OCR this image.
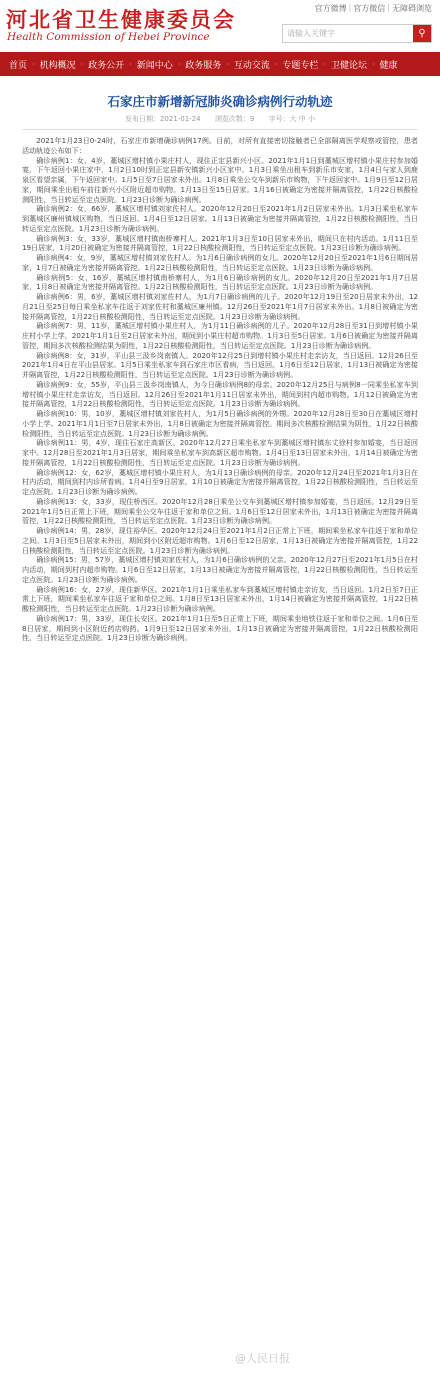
河北省卫生健康委员会
Health Commission of Hebei Province
官方微博 | 官方微信 | 无障碍浏览
请输入关键字	⚲
首页 · 机构概况 · 政务公开 · 新闻中心 · 政务服务 · 互动交流 · 专题专栏 · 卫健论坛 · 健康
石家庄市新增新冠肺炎确诊病例行动轨迹
发布日期：2021-01-24 浏览次数：9 字号：大 中 小

2021年1月23日0-24时，石家庄市新增确诊病例17例。目前，对所有直接密切接触者已全部隔离医学观察或管控，患者活动轨迹公布如下：

确诊病例1：女，4岁，藁城区增村镇小果庄村人，现住正定县新兴小区。2021年1月1日到藁城区增村镇小果庄村参加婚宴，下午返回小果庄家中，1月2日10时到正定县新安镇新兴小区家中。1月3日乘坐出租车到新乐市安家，1月4日与家人到鹿泉区看望亲属，下午返回家中。1月5日至7日居家未外出。1月8日乘坐公交车到新乐市购物，下午返回家中。1月9日至12日居家，期间乘坐出租车前往新兴小区附近超市购物。1月13日至15日居家。1月16日被确定为密接并隔离管控，1月22日核酸检测阳性，当日转运至定点医院。1月23日诊断为确诊病例。

确诊病例2：女，66岁，藁城区增村镇刘家佐村人。2020年12月20日至2021年1月2日居家未外出。1月3日乘坐私家车到藁城区廉州镇城区购物，当日返回。1月4日至12日居家。1月13日被确定为密接并隔离管控，1月22日核酸检测阳性，当日转运至定点医院。1月23日诊断为确诊病例。

确诊病例3：女，33岁，藁城区增村镇南桥寨村人。2021年1月3日至10日居家未外出，期间只在村内活动。1月11日至19日居家，1月20日被确定为密接并隔离管控，1月22日核酸检测阳性，当日转运至定点医院。1月23日诊断为确诊病例。

确诊病例4：女，9岁，藁城区增村镇刘家佐村人。为1月6日确诊病例的女儿。2020年12月20日至2021年1月6日期间居家，1月7日被确定为密接并隔离管控。1月22日核酸检测阳性，当日转运至定点医院。1月23日诊断为确诊病例。

确诊病例5：女，16岁，藁城区增村镇南桥寨村人，为1月6日确诊病例的女儿。2020年12月20日至2021年1月7日居家，1月8日被确定为密接并隔离管控。1月22日核酸检测阳性，当日转运至定点医院。1月23日诊断为确诊病例。

确诊病例6：男，6岁，藁城区增村镇刘家佐村人，为1月7日确诊病例的儿子。2020年12月19日至20日居家未外出，12月21日至25日每日乘坐私家车往返于刘家佐村和藁城区廉州镇。12月26日至2021年1月7日居家未外出。1月8日被确定为密接并隔离管控，1月22日核酸检测阳性，当日转运至定点医院。1月23日诊断为确诊病例。

确诊病例7：男，11岁，藁城区增村镇小果庄村人，为1月11日确诊病例的儿子。2020年12月28日至31日到增村镇小果庄村小学上学，2021年1月1日至2日居家未外出，期间到小果庄村超市购物。1月3日至5日居家。1月6日被确定为密接并隔离管控，期间多次核酸检测结果为阴性，1月22日核酸检测阳性，当日转运至定点医院。1月23日诊断为确诊病例。

确诊病例8：女，31岁，平山县三汲乡岗南镇人。2020年12月25日到增村镇小果庄村走亲访友，当日返回。12月26日至2021年1月4日在平山县居家。1月5日乘坐私家车到石家庄市区看病，当日返回。1月6日至12日居家，1月13日被确定为密接并隔离管控，1月22日核酸检测阳性，当日转运至定点医院。1月23日诊断为确诊病例。

确诊病例9：女，55岁，平山县三汲乡岗南镇人，为今日确诊病例8的母亲。2020年12月25日与病例8一同乘坐私家车到增村镇小果庄村走亲访友，当日返回。12月26日至2021年1月11日居家未外出，期间到村内超市购物。1月12日被确定为密接并隔离管控，1月22日核酸检测阳性，当日转运至定点医院。1月23日诊断为确诊病例。

确诊病例10：男，10岁，藁城区增村镇刘家佐村人，为1月5日确诊病例的外甥。2020年12月28日至30日在藁城区增村小学上学。2021年1月1日至7日居家未外出，1月8日被确定为密接并隔离管控。期间多次核酸检测结果为阴性，1月22日核酸检测阳性，当日转运至定点医院。1月23日诊断为确诊病例。

确诊病例11：男，4岁，现住石家庄高新区。2020年12月27日乘坐私家车到藁城区增村镇东丈徐村参加婚宴，当日返回家中。12月28日至2021年1月3日居家，期间乘坐私家车到高新区超市购物。1月4日至13日居家未外出，1月14日被确定为密接并隔离管控，1月22日核酸检测阳性，当日转运至定点医院。1月23日诊断为确诊病例。

确诊病例12：女，62岁，藁城区增村镇小果庄村人，为1月13日确诊病例的母亲。2020年12月24日至2021年1月3日在村内活动，期间到村内诊所看病。1月4日至9日居家，1月10日被确定为密接并隔离管控，1月22日核酸检测阳性，当日转运至定点医院。1月23日诊断为确诊病例。

确诊病例13：女，33岁，现住桥西区。2020年12月28日乘坐公交车到藁城区增村镇参加婚宴，当日返回。12月29日至2021年1月5日正常上下班，期间乘坐公交车往返于家和单位之间。1月6日至12日居家未外出，1月13日被确定为密接并隔离管控，1月22日核酸检测阳性，当日转运至定点医院。1月23日诊断为确诊病例。

确诊病例14：男，28岁，现住裕华区。2020年12月24日至2021年1月2日正常上下班，期间乘坐私家车往返于家和单位之间。1月3日至5日居家未外出，期间到小区附近超市购物。1月6日至12日居家，1月13日被确定为密接并隔离管控，1月22日核酸检测阳性，当日转运至定点医院。1月23日诊断为确诊病例。

确诊病例15：男，57岁，藁城区增村镇刘家佐村人，为1月6日确诊病例的父亲。2020年12月27日至2021年1月5日在村内活动，期间到村内超市购物。1月6日至12日居家，1月13日被确定为密接并隔离管控，1月22日核酸检测阳性，当日转运至定点医院。1月23日诊断为确诊病例。

确诊病例16：女，27岁，现住新华区。2021年1月1日乘坐私家车到藁城区增村镇走亲访友，当日返回。1月2日至7日正常上下班，期间乘坐私家车往返于家和单位之间。1月8日至13日居家未外出，1月14日被确定为密接并隔离管控，1月22日核酸检测阳性，当日转运至定点医院。1月23日诊断为确诊病例。

确诊病例17：男，33岁，现住长安区。2021年1月1日至5日正常上下班，期间乘坐地铁往返于家和单位之间。1月6日至8日居家，期间到小区附近药店购药。1月9日至12日居家未外出，1月13日被确定为密接并隔离管控，1月22日核酸检测阳性，当日转运至定点医院。1月23日诊断为确诊病例。

@人民日报
